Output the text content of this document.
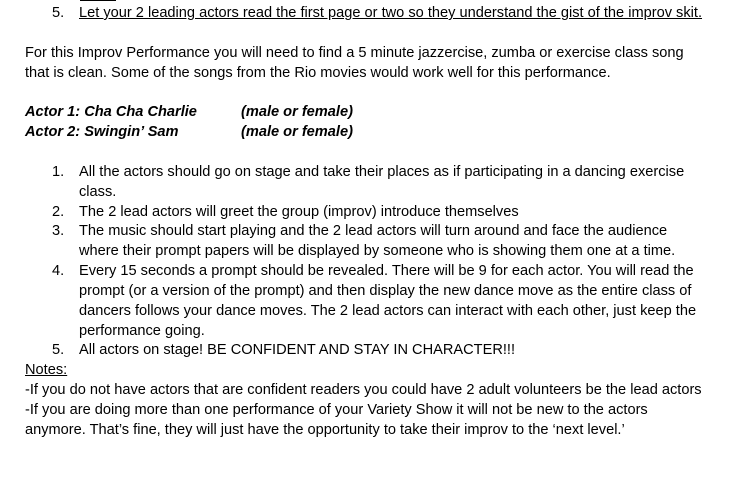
5. Let your 2 leading actors read the first page or two so they understand the gist of the improv skit.
For this Improv Performance you will need to find a 5 minute jazzercise, zumba or exercise class song
that is clean. Some of the songs from the Rio movies would work well for this performance.
Actor 1: Cha Cha Charlie	(male or female)
Actor 2: Swingin’ Sam	(male or female)
1. All the actors should go on stage and take their places as if participating in a dancing exercise
class.
2. The 2 lead actors will greet the group (improv) introduce themselves
3. The music should start playing and the 2 lead actors will turn around and face the audience
where their prompt papers will be displayed by someone who is showing them one at a time.
4. Every 15 seconds a prompt should be revealed. There will be 9 for each actor. You will read the
prompt (or a version of the prompt) and then display the new dance move as the entire class of
dancers follows your dance moves. The 2 lead actors can interact with each other, just keep the
performance going.
5. All actors on stage! BE CONFIDENT AND STAY IN CHARACTER!!!
Notes:
-If you do not have actors that are confident readers you could have 2 adult volunteers be the lead actors
-If you are doing more than one performance of your Variety Show it will not be new to the actors
anymore. That’s fine, they will just have the opportunity to take their improv to the ‘next level.’
